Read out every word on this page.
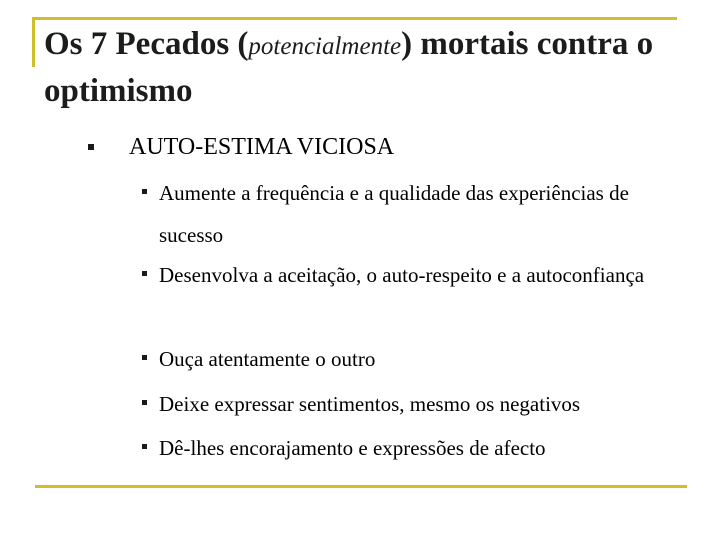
Os 7 Pecados (potencialmente) mortais contra o optimismo
AUTO-ESTIMA VICIOSA
Aumente a frequência e a qualidade das experiências de sucesso
Desenvolva a aceitação, o auto-respeito e a autoconfiança
Ouça atentamente o outro
Deixe expressar sentimentos, mesmo os negativos
Dê-lhes encorajamento e expressões de afecto
